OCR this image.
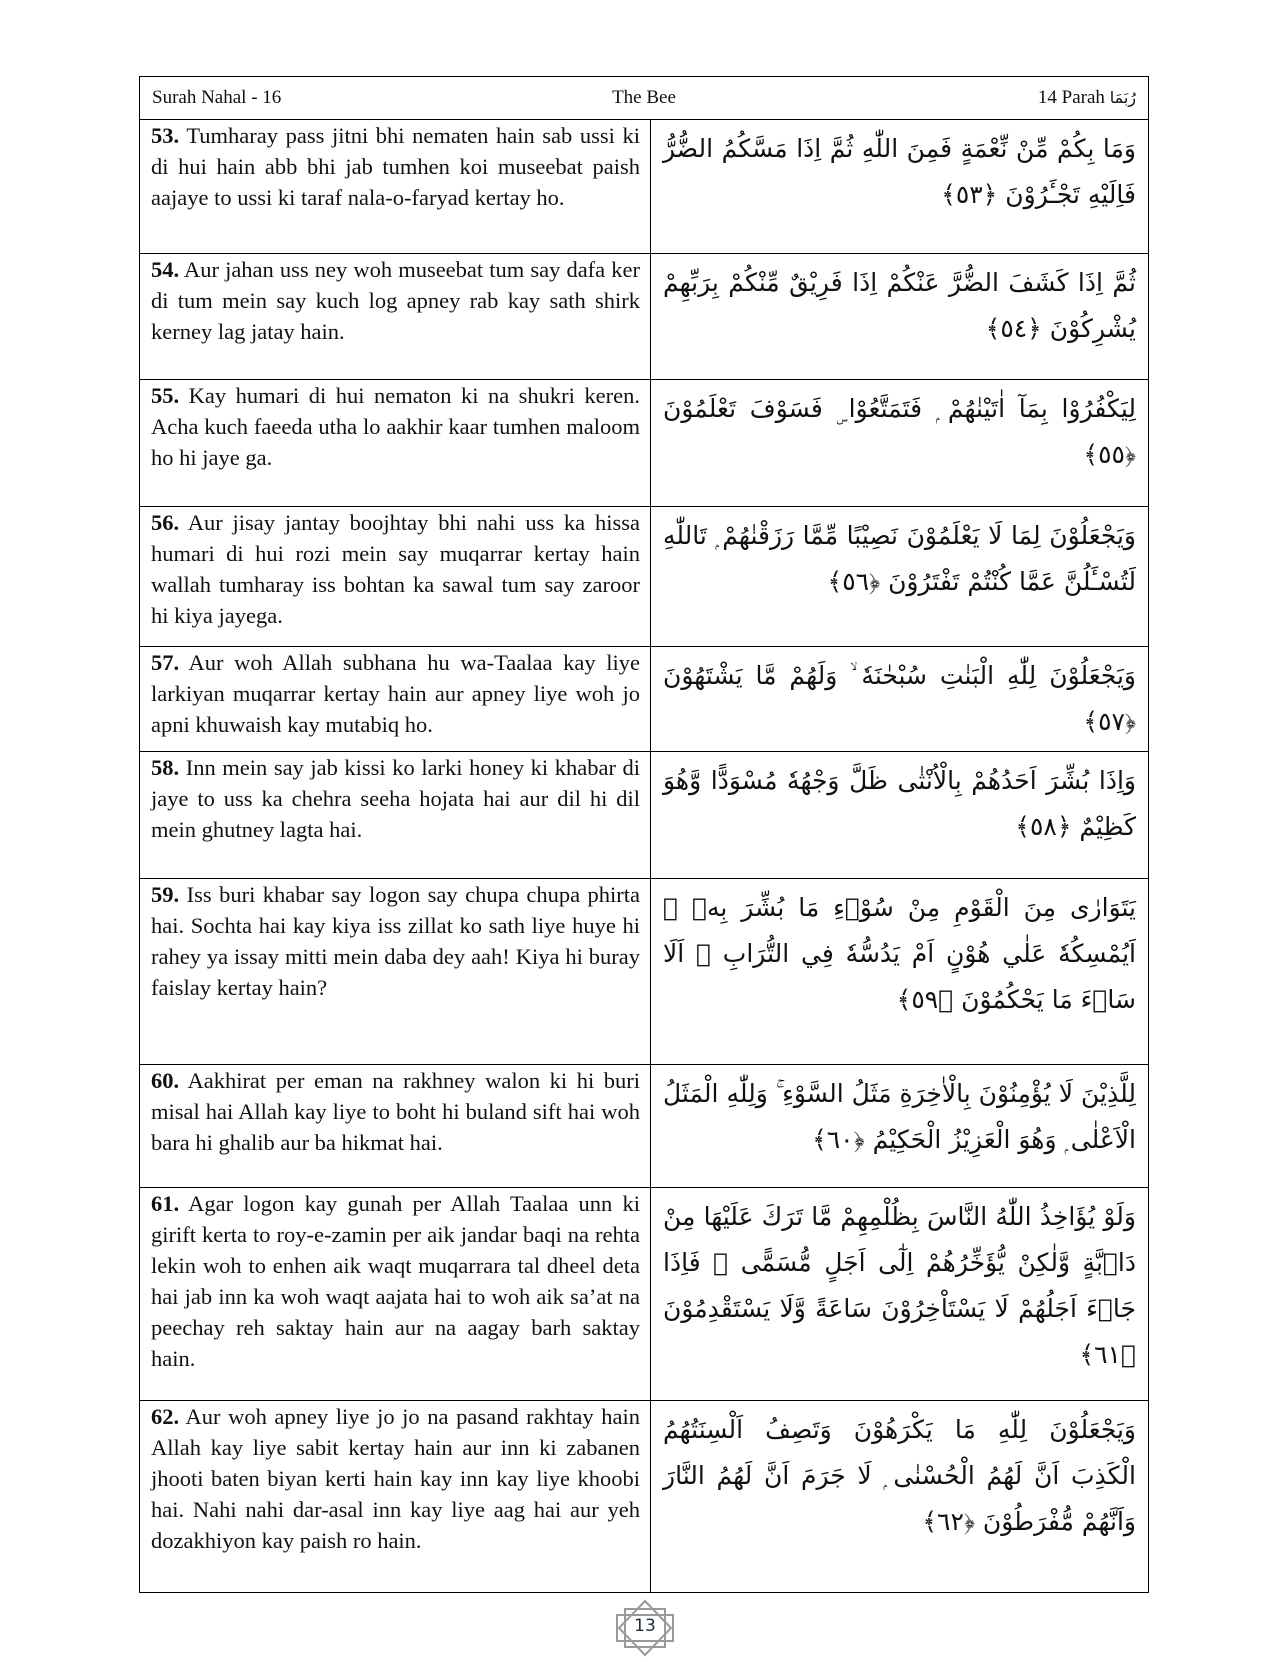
Surah Nahal - 16	The Bee	14 Parah رُبَمَا
53. Tumharay pass jitni bhi nematen hain sab ussi ki di hui hain abb bhi jab tumhen koi museebat paish aajaye to ussi ki taraf nala-o-faryad kertay ho.
وَمَا بِكُمْ مِّنْ نِّعْمَةٍ فَمِنَ اللّٰهِ ثُمَّ اِذَا مَسَّكُمُ الضُّرُّ فَاِلَيْهِ تَجْـَٔرُوْنَ ﴿٥٣﴾
54. Aur jahan uss ney woh museebat tum say dafa ker di tum mein say kuch log apney rab kay sath shirk kerney lag jatay hain.
ثُمَّ اِذَا كَشَفَ الضُّرَّ عَنْكُمْ اِذَا فَرِيْقٌ مِّنْكُمْ بِرَبِّهِمْ يُشْرِكُوْنَ ﴿٥٤﴾
55. Kay humari di hui nematon ki na shukri keren. Acha kuch faeeda utha lo aakhir kaar tumhen maloom ho hi jaye ga.
لِيَكْفُرُوْا بِمَآ اٰتَيْنٰهُمْ ۭ فَتَمَتَّعُوْا ۣ فَسَوْفَ تَعْلَمُوْنَ ﴿٥٥﴾
56. Aur jisay jantay boojhtay bhi nahi uss ka hissa humari di hui rozi mein say muqarrar kertay hain wallah tumharay iss bohtan ka sawal tum say zaroor hi kiya jayega.
وَيَجْعَلُوْنَ لِمَا لَا يَعْلَمُوْنَ نَصِيْبًا مِّمَّا رَزَقْنٰهُمْ ۭ تَاللّٰهِ لَتُسْـَٔلُنَّ عَمَّا كُنْتُمْ تَفْتَرُوْنَ ﴿٥٦﴾
57. Aur woh Allah subhana hu wa-Taalaa kay liye larkiyan muqarrar kertay hain aur apney liye woh jo apni khuwaish kay mutabiq ho.
وَيَجْعَلُوْنَ لِلّٰهِ الْبَنٰتِ سُبْحٰنَهٗ ۙ وَلَهُمْ مَّا يَشْتَهُوْنَ ﴿٥٧﴾
58. Inn mein say jab kissi ko larki honey ki khabar di jaye to uss ka chehra seeha hojata hai aur dil hi dil mein ghutney lagta hai.
وَاِذَا بُشِّرَ اَحَدُهُمْ بِالْاُنْثٰى ظَلَّ وَجْهُهٗ مُسْوَدًّا وَّهُوَ كَظِيْمٌ ﴿٥٨﴾
59. Iss buri khabar say logon say chupa chupa phirta hai. Sochta hai kay kiya iss zillat ko sath liye huye hi rahey ya issay mitti mein daba dey aah! Kiya hi buray faislay kertay hain?
يَتَوَارٰى مِنَ الْقَوْمِ مِنْ سُوْۗءِ مَا بُشِّرَ بِهٖ ۭ اَيُمْسِكُهٗ عَلٰي هُوْنٍ اَمْ يَدُسُّهٗ فِي التُّرَابِ ۭ اَلَا سَاۗءَ مَا يَحْكُمُوْنَ ﴿٥٩﴾
60. Aakhirat per eman na rakhney walon ki hi buri misal hai Allah kay liye to boht hi buland sift hai woh bara hi ghalib aur ba hikmat hai.
لِلَّذِيْنَ لَا يُؤْمِنُوْنَ بِالْاٰخِرَةِ مَثَلُ السَّوْءِ ۚ وَلِلّٰهِ الْمَثَلُ الْاَعْلٰى ۭ وَهُوَ الْعَزِيْزُ الْحَكِيْمُ ﴿٦٠﴾
61. Agar logon kay gunah per Allah Taalaa unn ki girift kerta to roy-e-zamin per aik jandar baqi na rehta lekin woh to enhen aik waqt muqarrara tal dheel deta hai jab inn ka woh waqt aajata hai to woh aik sa’at na peechay reh saktay hain aur na aagay barh saktay hain.
وَلَوْ يُؤَاخِذُ اللّٰهُ النَّاسَ بِظُلْمِهِمْ مَّا تَرَكَ عَلَيْهَا مِنْ دَاۗبَّةٍ وَّلٰكِنْ يُّؤَخِّرُهُمْ اِلٰٓى اَجَلٍ مُّسَمًّى ۚ فَاِذَا جَاۗءَ اَجَلُهُمْ لَا يَسْتَاْخِرُوْنَ سَاعَةً وَّلَا يَسْتَقْدِمُوْنَ ﴿٦١﴾
62. Aur woh apney liye jo jo na pasand rakhtay hain Allah kay liye sabit kertay hain aur inn ki zabanen jhooti baten biyan kerti hain kay inn kay liye khoobi hai. Nahi nahi dar-asal inn kay liye aag hai aur yeh dozakhiyon kay paish ro hain.
وَيَجْعَلُوْنَ لِلّٰهِ مَا يَكْرَهُوْنَ وَتَصِفُ اَلْسِنَتُهُمُ الْكَذِبَ اَنَّ لَهُمُ الْحُسْنٰى ۭ لَا جَرَمَ اَنَّ لَهُمُ النَّارَ وَاَنَّهُمْ مُّفْرَطُوْنَ ﴿٦٢﴾
13
